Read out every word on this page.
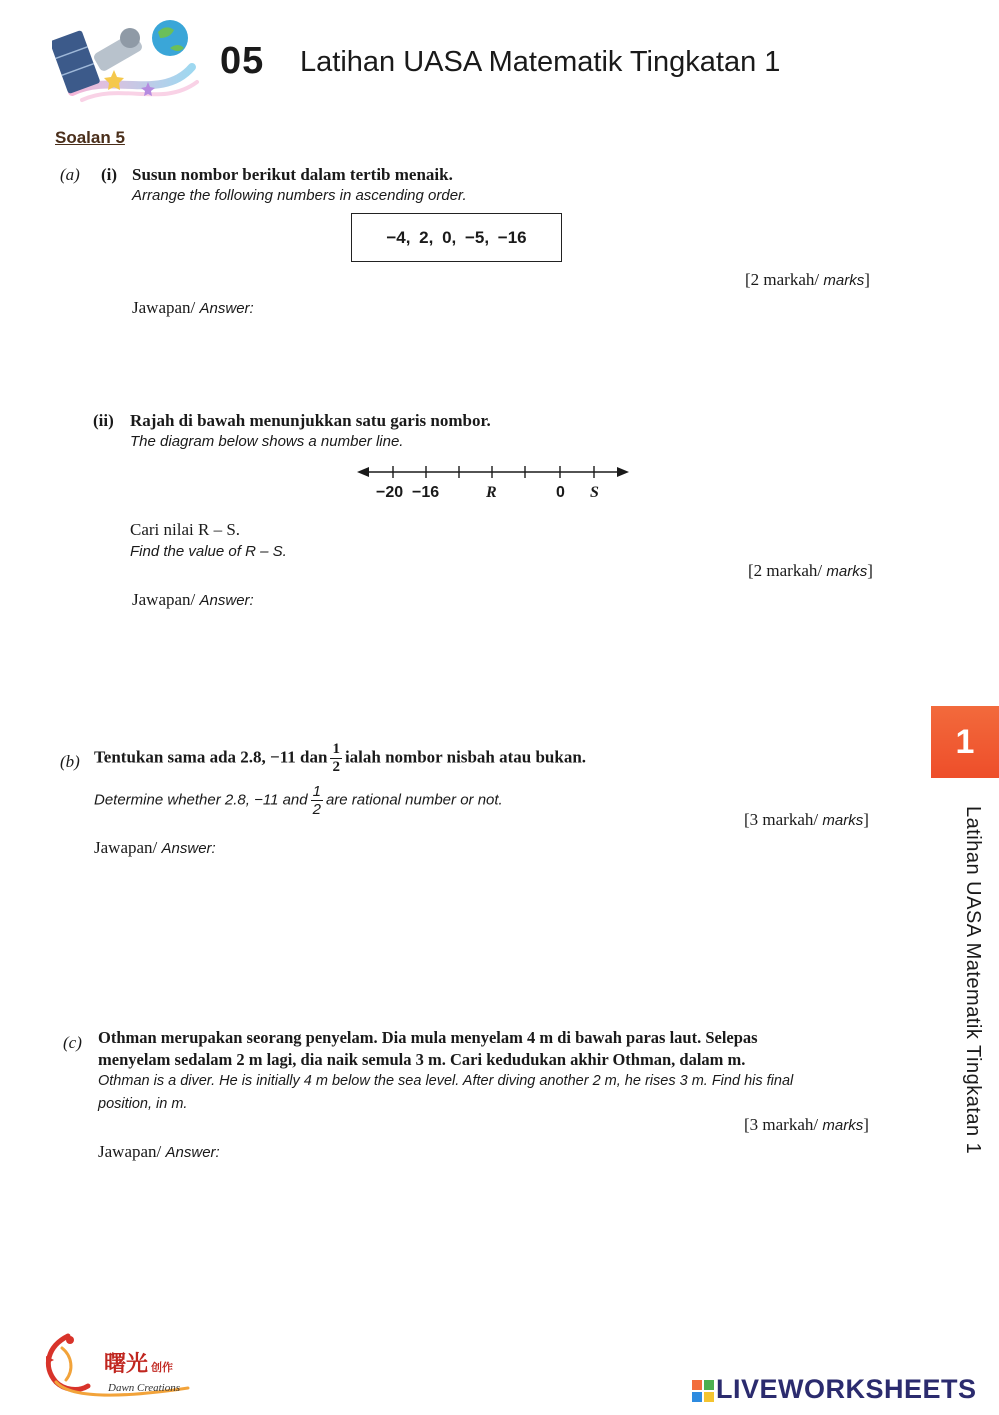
05 Latihan UASA Matematik Tingkatan 1
Soalan 5
(a) (i) Susun nombor berikut dalam tertib menaik.
Arrange the following numbers in ascending order.
−4, 2, 0, −5, −16
[2 markah/ marks]
Jawapan/ Answer:
(ii) Rajah di bawah menunjukkan satu garis nombor.
The diagram below shows a number line.
−20 −16	R	0 S
Cari nilai R – S.
Find the value of R – S.
[2 markah/ marks]
Jawapan/ Answer:
(b) Tentukan sama ada 2.8, −11 dan $\frac{1}{2}$ ialah nombor nisbah atau bukan.
Determine whether 2.8, −11 and $\frac{1}{2}$ are rational number or not.
[3 markah/ marks]
Jawapan/ Answer:
(c) Othman merupakan seorang penyelam. Dia mula menyelam 4 m di bawah paras laut. Selepas
menyelam sedalam 2 m lagi, dia naik semula 3 m. Cari kedudukan akhir Othman, dalam m.
Othman is a diver. He is initially 4 m below the sea level. After diving another 2 m, he rises 3 m. Find his final
position, in m.
[3 markah/ marks]
Jawapan/ Answer:
1
Latihan UASA Matematik Tingkatan 1
曙光 创作
Dawn Creations	LIVEWORKSHEETS
